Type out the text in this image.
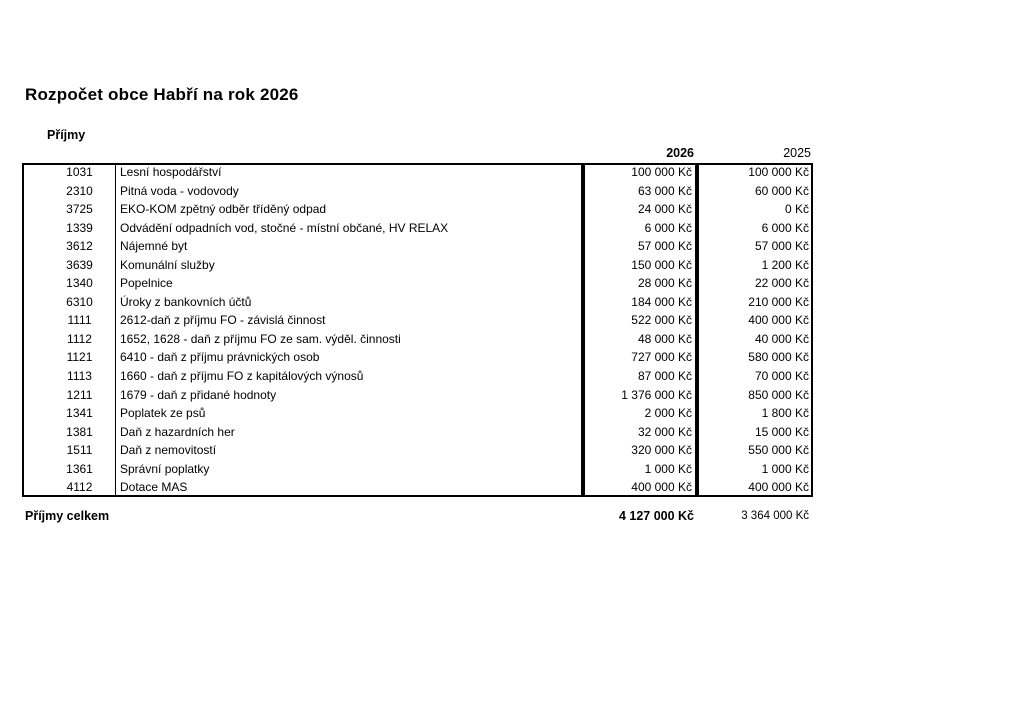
Rozpočet obce Habří na rok 2026
Příjmy
2026	2025
1031	Lesní hospodářství	100 000 Kč	100 000 Kč
2310	Pitná voda - vodovody	63 000 Kč	60 000 Kč
3725	EKO-KOM zpětný odběr tříděný odpad	24 000 Kč	0 Kč
1339	Odvádění odpadních vod, stočné - místní občané, HV RELAX	6 000 Kč	6 000 Kč
3612	Nájemné byt	57 000 Kč	57 000 Kč
3639	Komunální služby	150 000 Kč	1 200 Kč
1340	Popelnice	28 000 Kč	22 000 Kč
6310	Úroky z bankovních účtů	184 000 Kč	210 000 Kč
1111	2612-daň z příjmu FO - závislá činnost	522 000 Kč	400 000 Kč
1112	1652, 1628 - daň z příjmu FO ze sam. výděl. činnosti	48 000 Kč	40 000 Kč
1121	6410 - daň z příjmu právnických osob	727 000 Kč	580 000 Kč
1113	1660 - daň z příjmu FO z kapitálových výnosů	87 000 Kč	70 000 Kč
1211	1679 - daň z přidané hodnoty	1 376 000 Kč	850 000 Kč
1341	Poplatek ze psů	2 000 Kč	1 800 Kč
1381	Daň z hazardních her	32 000 Kč	15 000 Kč
1511	Daň z nemovitostí	320 000 Kč	550 000 Kč
1361	Správní poplatky	1 000 Kč	1 000 Kč
4112	Dotace MAS	400 000 Kč	400 000 Kč
Příjmy celkem	4 127 000 Kč	3 364 000 Kč
